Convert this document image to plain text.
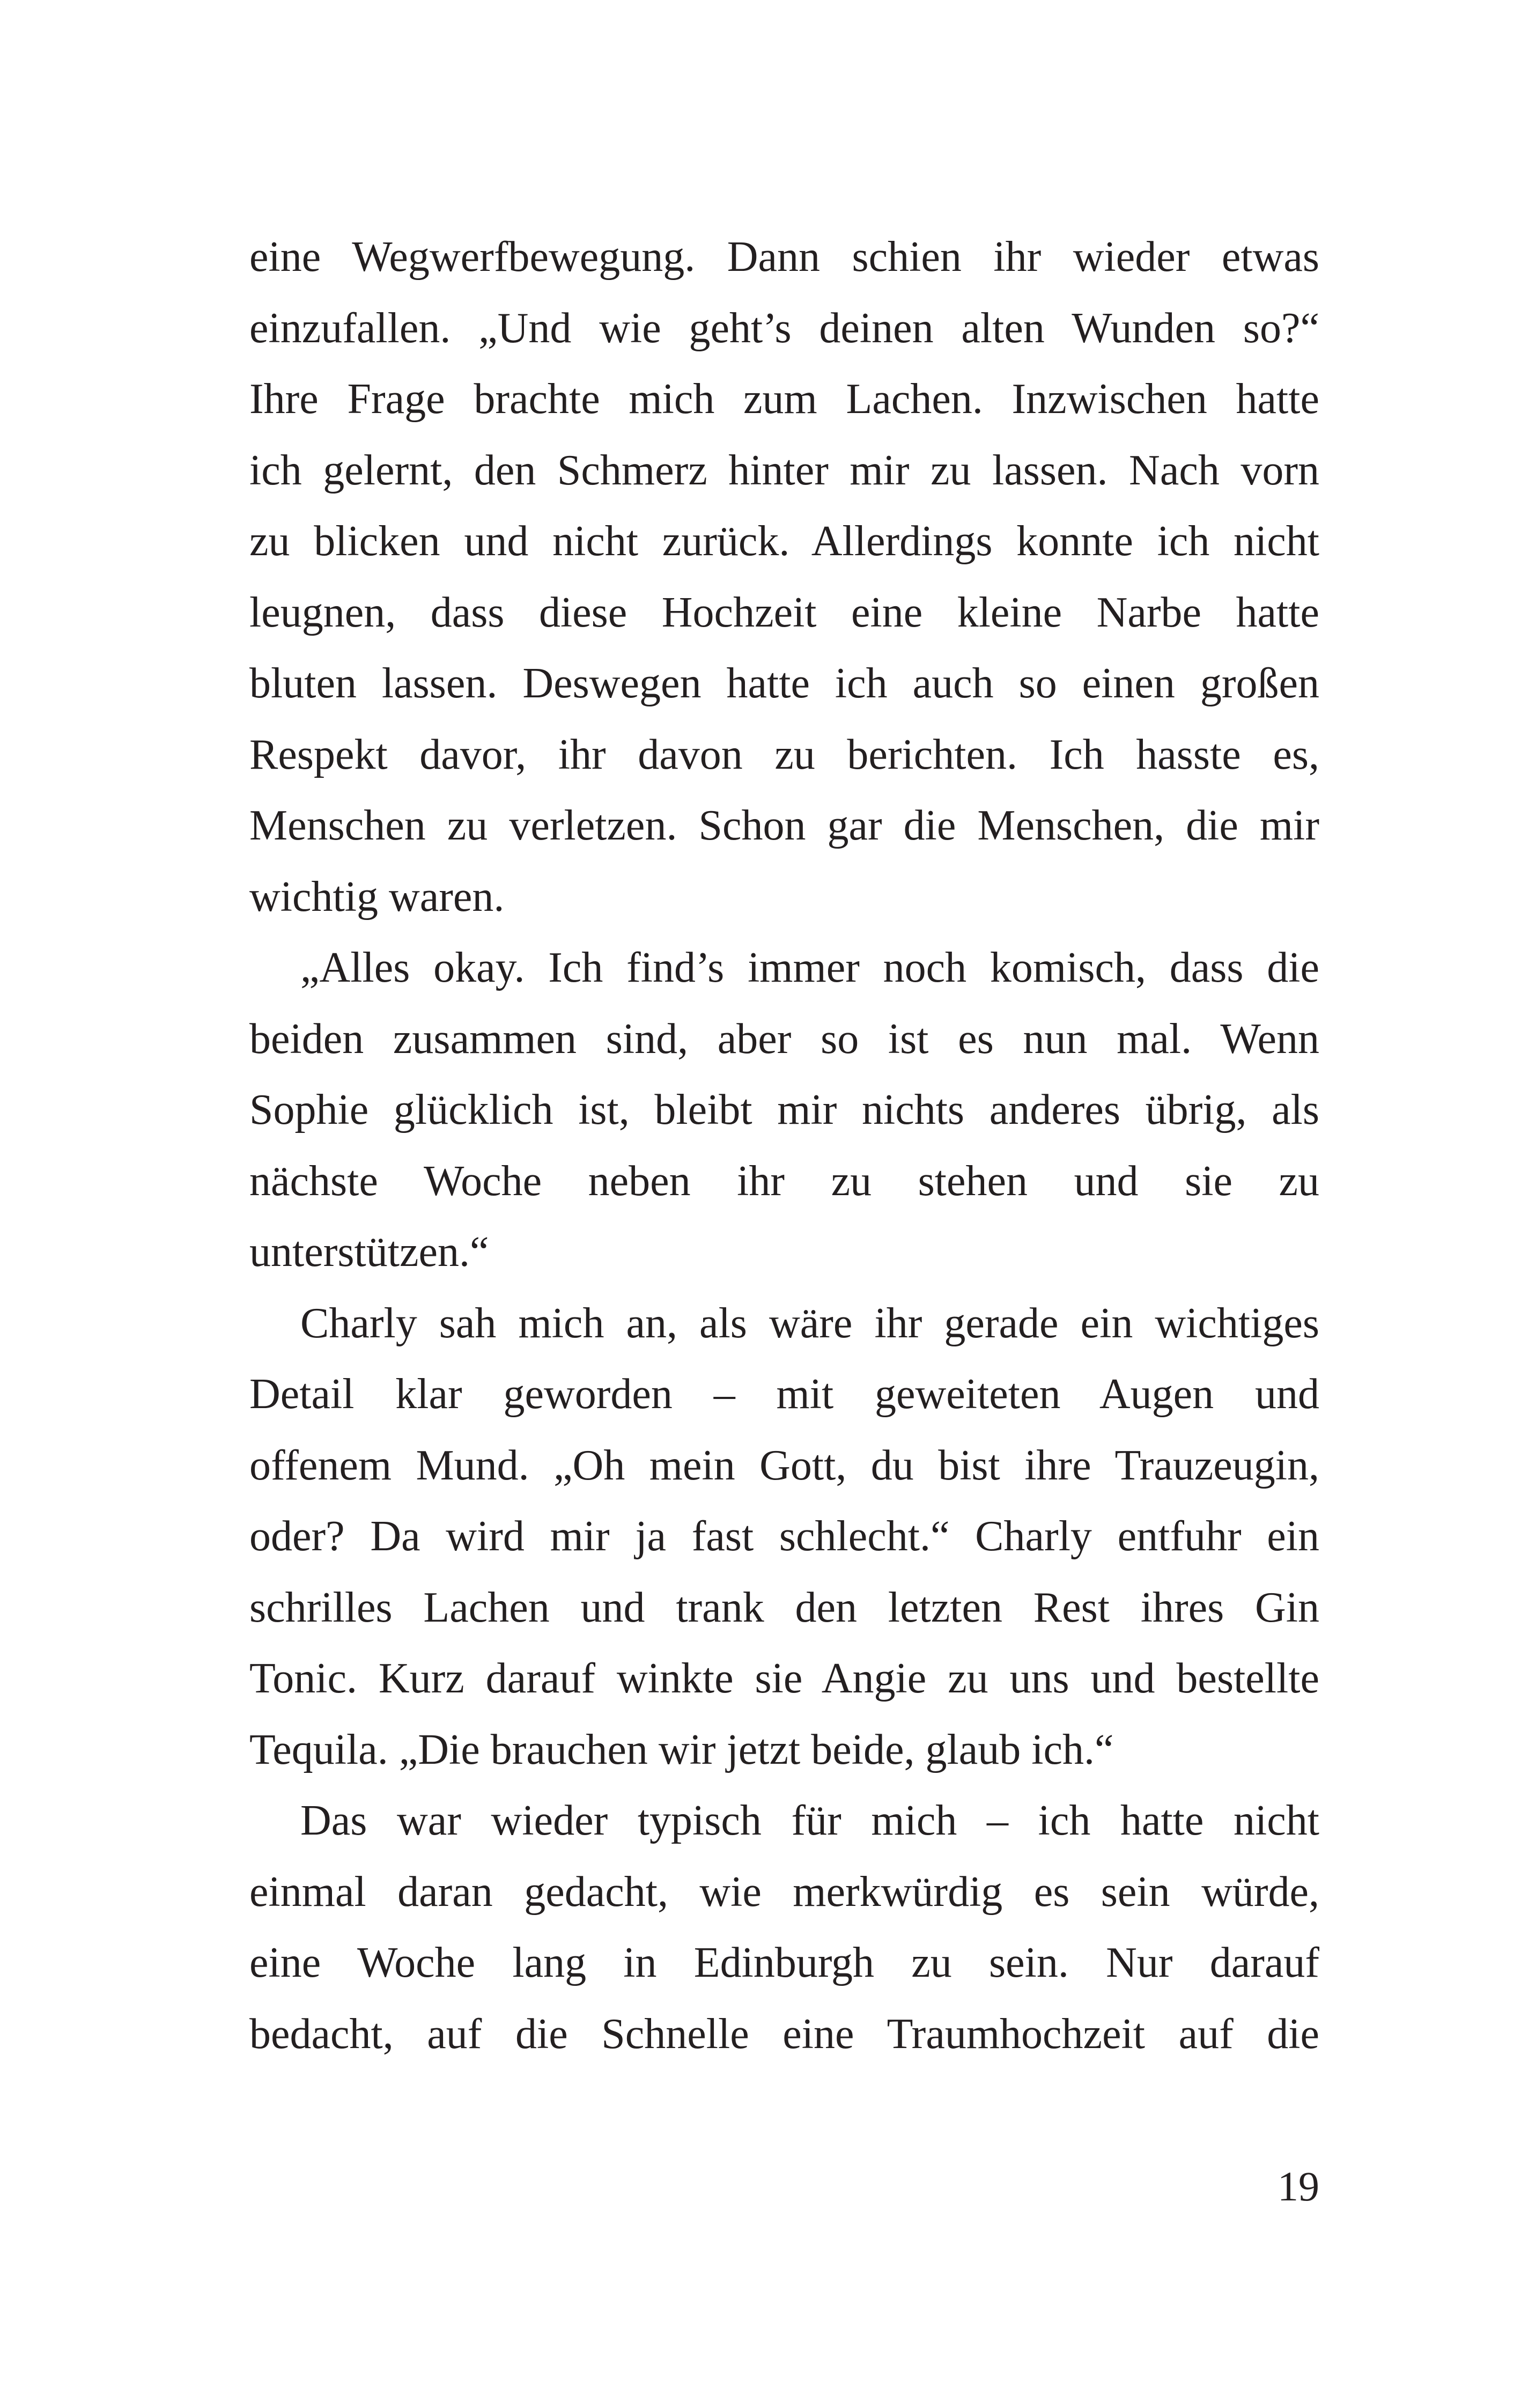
eine Wegwerfbewegung. Dann schien ihr wieder etwas
einzufallen. „Und wie geht’s deinen alten Wunden so?“
Ihre Frage brachte mich zum Lachen. Inzwischen hatte
ich gelernt, den Schmerz hinter mir zu lassen. Nach vorn
zu blicken und nicht zurück. Allerdings konnte ich nicht
leugnen, dass diese Hochzeit eine kleine Narbe hatte
bluten lassen. Deswegen hatte ich auch so einen großen
Respekt davor, ihr davon zu berichten. Ich hasste es,
Menschen zu verletzen. Schon gar die Menschen, die mir
wichtig waren.
„Alles okay. Ich find’s immer noch komisch, dass die
beiden zusammen sind, aber so ist es nun mal. Wenn
Sophie glücklich ist, bleibt mir nichts anderes übrig, als
nächste Woche neben ihr zu stehen und sie zu
unterstützen.“
Charly sah mich an, als wäre ihr gerade ein wichtiges
Detail klar geworden – mit geweiteten Augen und
offenem Mund. „Oh mein Gott, du bist ihre Trauzeugin,
oder? Da wird mir ja fast schlecht.“ Charly entfuhr ein
schrilles Lachen und trank den letzten Rest ihres Gin
Tonic. Kurz darauf winkte sie Angie zu uns und bestellte
Tequila. „Die brauchen wir jetzt beide, glaub ich.“
Das war wieder typisch für mich – ich hatte nicht
einmal daran gedacht, wie merkwürdig es sein würde,
eine Woche lang in Edinburgh zu sein. Nur darauf
bedacht, auf die Schnelle eine Traumhochzeit auf die
19
